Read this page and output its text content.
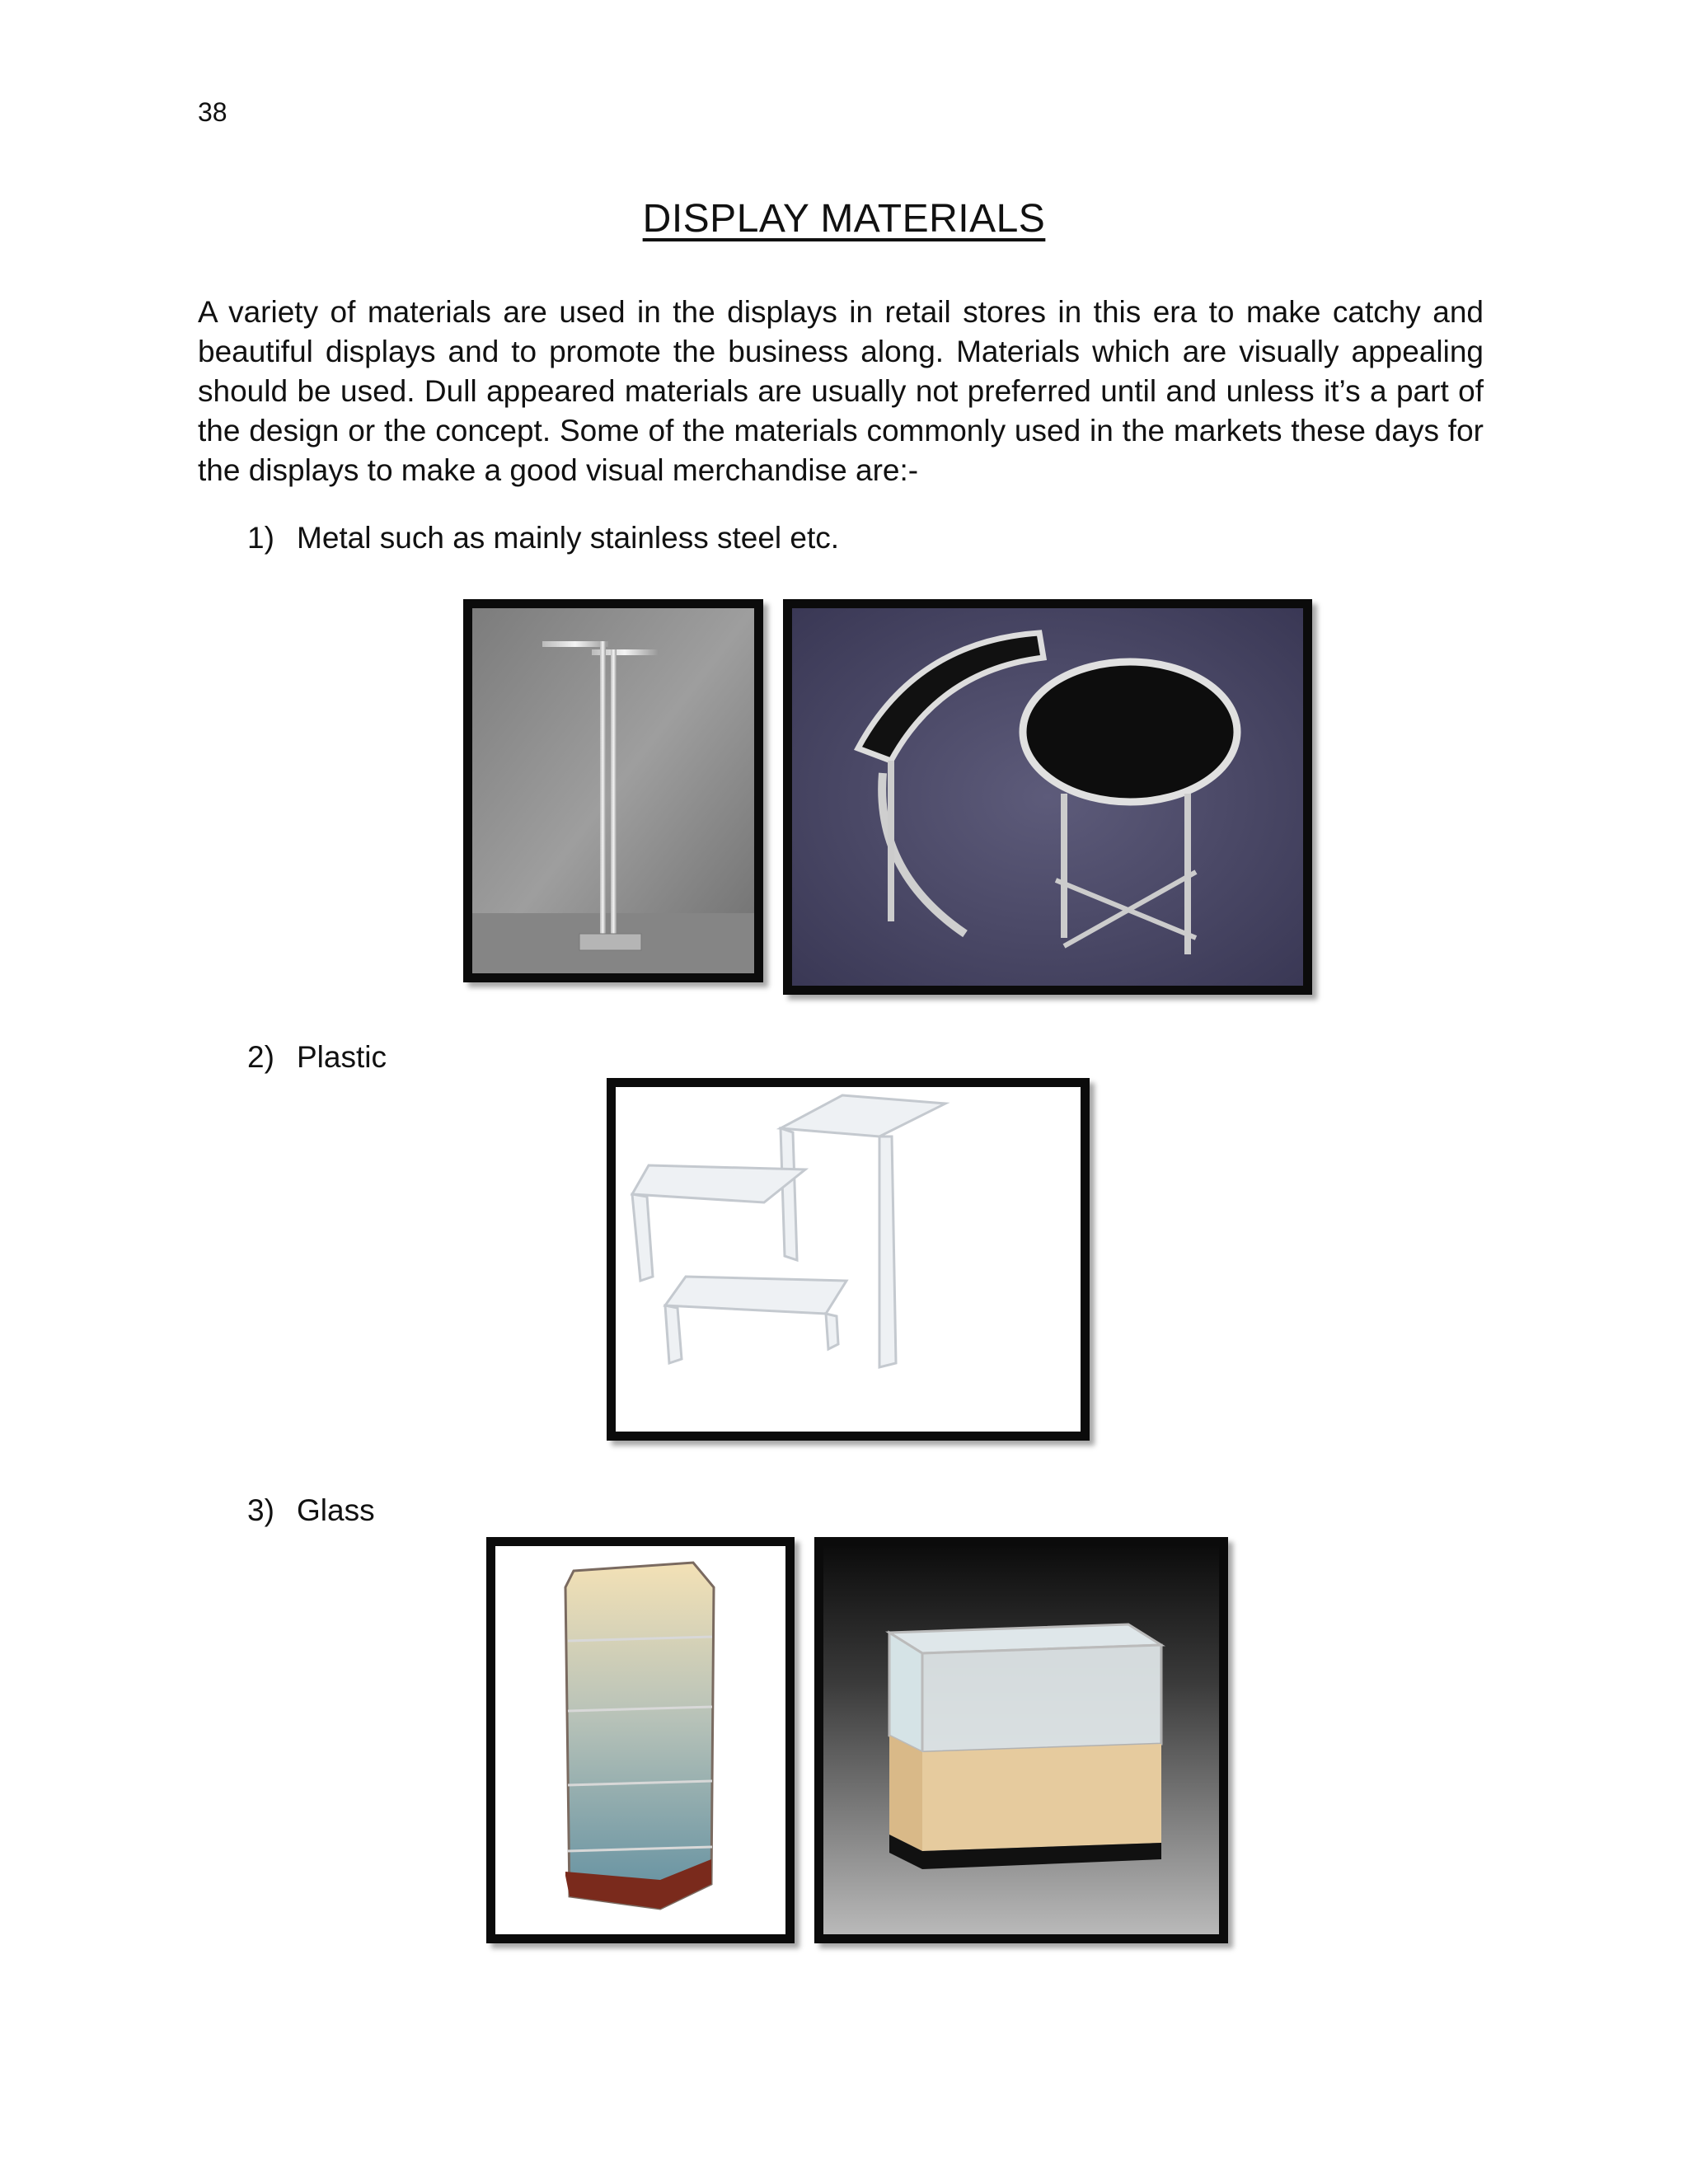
38
DISPLAY MATERIALS
A variety of materials are used in the displays in retail stores in this era to make catchy and beautiful displays and to promote the business along. Materials which are visually appealing should be used. Dull appeared materials are usually not preferred until and unless it’s a part of the design or the concept. Some of the materials commonly used in the markets these days for the displays to make a good visual merchandise are:-
1) Metal such as mainly stainless steel etc.
2) Plastic
3) Glass
